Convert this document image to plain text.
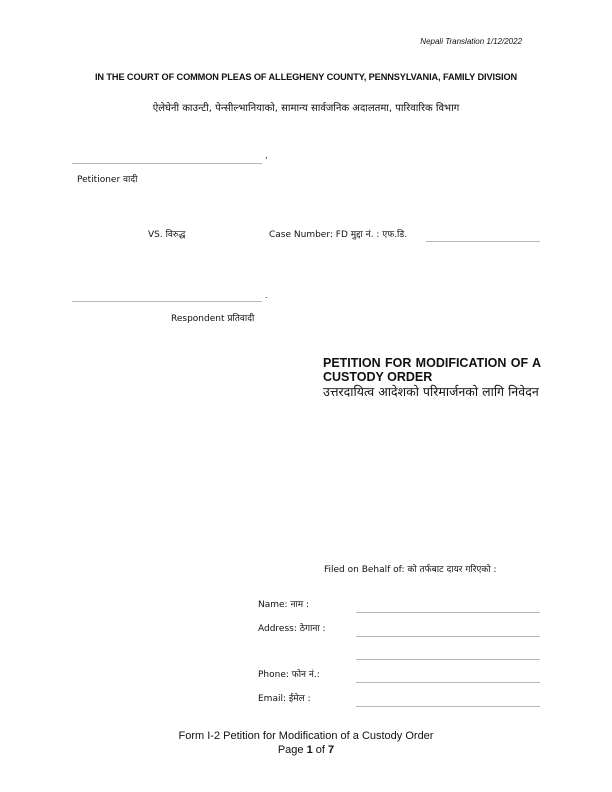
Nepali Translation 1/12/2022
IN THE COURT OF COMMON PLEAS OF ALLEGHENY COUNTY, PENNSYLVANIA, FAMILY DIVISION
ऐलेघेनी काउन्टी, पेन्सील्भानियाको, सामान्य सार्वजनिक अदालतमा, पारिवारिक विभाग
,
Petitioner वादी
VS. विरुद्ध	Case Number: FD मुद्दा नं. : एफ.डि.
.
Respondent प्रतिवादी
PETITION FOR MODIFICATION OF A CUSTODY ORDER
उत्तरदायित्व आदेशको परिमार्जनको लागि निवेदन
Filed on Behalf of: को तर्फबाट दायर गरिएको :
Name: नाम :
Address: ठेगाना :
Phone: फोन नं.:
Email: ईमेल :
Form I-2 Petition for Modification of a Custody Order
Page 1 of 7
